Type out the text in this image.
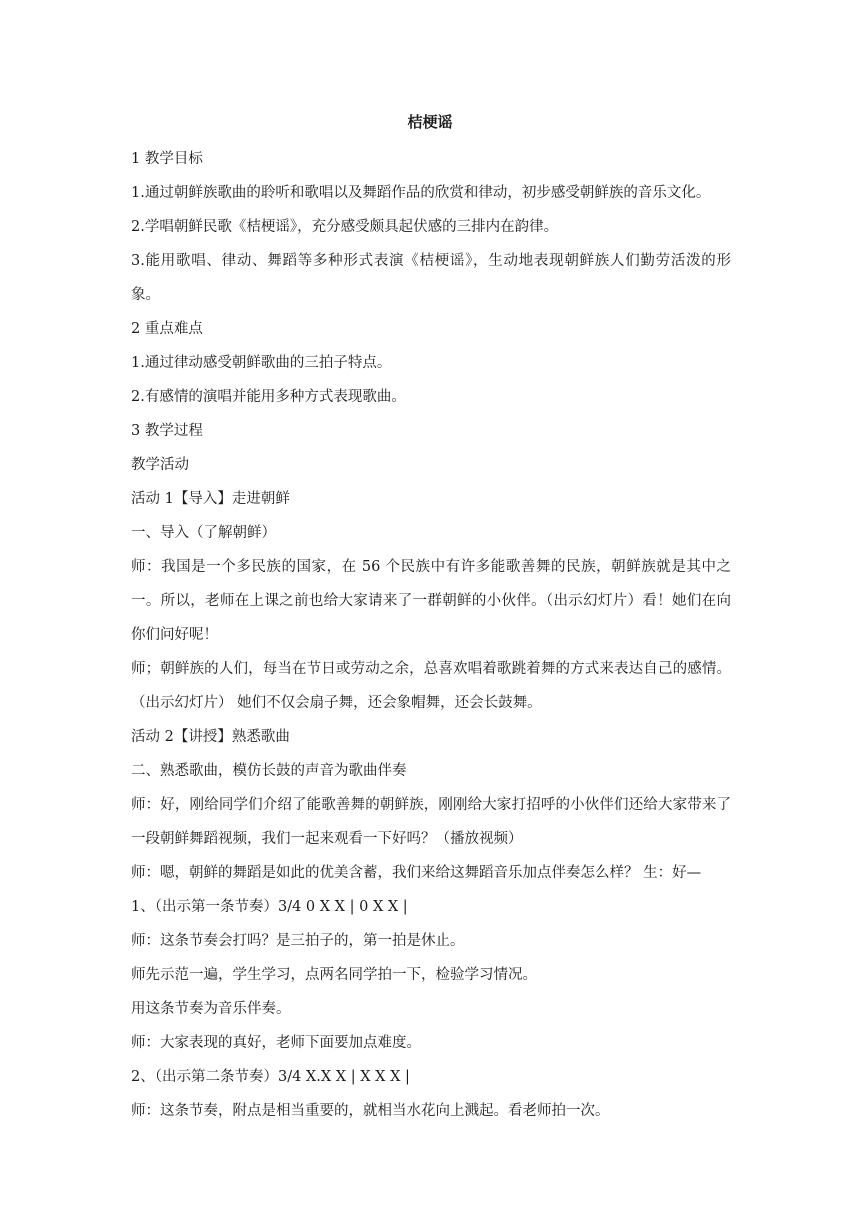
桔梗谣

1 教学目标

1.通过朝鲜族歌曲的聆听和歌唱以及舞蹈作品的欣赏和律动，初步感受朝鲜族的音乐文化。

2.学唱朝鲜民歌《桔梗谣》，充分感受颇具起伏感的三排内在韵律。

3.能用歌唱、律动、舞蹈等多种形式表演《桔梗谣》，生动地表现朝鲜族人们勤劳活泼的形象。

2 重点难点

1.通过律动感受朝鲜歌曲的三拍子特点。

2.有感情的演唱并能用多种方式表现歌曲。

3 教学过程

教学活动

活动 1【导入】走进朝鲜

一、导入（了解朝鲜）

师：我国是一个多民族的国家，在 56 个民族中有许多能歌善舞的民族，朝鲜族就是其中之一。所以，老师在上课之前也给大家请来了一群朝鲜的小伙伴。（出示幻灯片）看！她们在向你们问好呢！

师；朝鲜族的人们，每当在节日或劳动之余，总喜欢唱着歌跳着舞的方式来表达自己的感情。（出示幻灯片） 她们不仅会扇子舞，还会象帽舞，还会长鼓舞。

活动 2【讲授】熟悉歌曲

二、熟悉歌曲，模仿长鼓的声音为歌曲伴奏

师：好，刚给同学们介绍了能歌善舞的朝鲜族，刚刚给大家打招呼的小伙伴们还给大家带来了一段朝鲜舞蹈视频，我们一起来观看一下好吗？（播放视频）

师：嗯，朝鲜的舞蹈是如此的优美含蓄，我们来给这舞蹈音乐加点伴奏怎么样？ 生：好—

1、（出示第一条节奏）3/4 0 X X | 0 X X |

师：这条节奏会打吗？是三拍子的，第一拍是休止。

师先示范一遍，学生学习，点两名同学拍一下，检验学习情况。

用这条节奏为音乐伴奏。

师：大家表现的真好，老师下面要加点难度。

2、（出示第二条节奏）3/4 X.X X | X X X |

师：这条节奏，附点是相当重要的，就相当水花向上溅起。看老师拍一次。
